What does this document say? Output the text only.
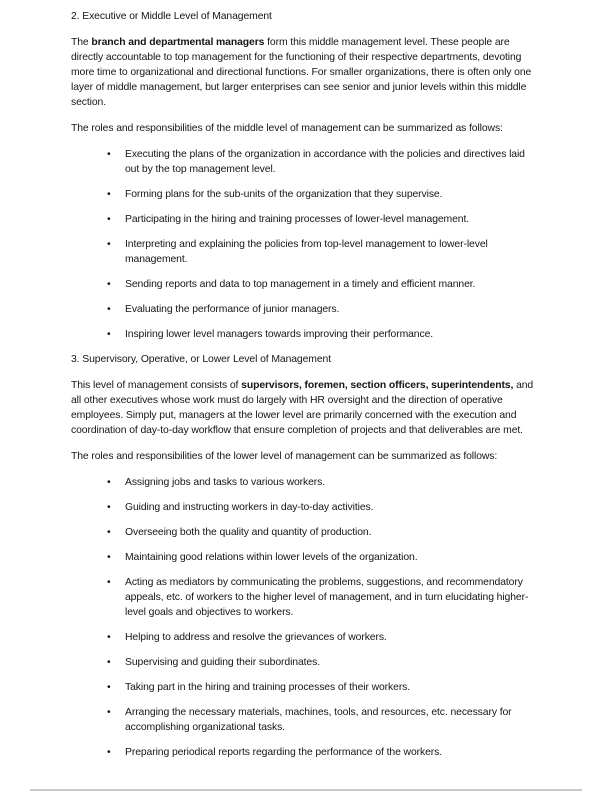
2. Executive or Middle Level of Management

The branch and departmental managers form this middle management level. These people are directly accountable to top management for the functioning of their respective departments, devoting more time to organizational and directional functions. For smaller organizations, there is often only one layer of middle management, but larger enterprises can see senior and junior levels within this middle section.

The roles and responsibilities of the middle level of management can be summarized as follows:

• Executing the plans of the organization in accordance with the policies and directives laid out by the top management level.
• Forming plans for the sub-units of the organization that they supervise.
• Participating in the hiring and training processes of lower-level management.
• Interpreting and explaining the policies from top-level management to lower-level management.
• Sending reports and data to top management in a timely and efficient manner.
• Evaluating the performance of junior managers.
• Inspiring lower level managers towards improving their performance.

3. Supervisory, Operative, or Lower Level of Management

This level of management consists of supervisors, foremen, section officers, superintendents, and all other executives whose work must do largely with HR oversight and the direction of operative employees. Simply put, managers at the lower level are primarily concerned with the execution and coordination of day-to-day workflow that ensure completion of projects and that deliverables are met.

The roles and responsibilities of the lower level of management can be summarized as follows:

• Assigning jobs and tasks to various workers.
• Guiding and instructing workers in day-to-day activities.
• Overseeing both the quality and quantity of production.
• Maintaining good relations within lower levels of the organization.
• Acting as mediators by communicating the problems, suggestions, and recommendatory appeals, etc. of workers to the higher level of management, and in turn elucidating higher-level goals and objectives to workers.
• Helping to address and resolve the grievances of workers.
• Supervising and guiding their subordinates.
• Taking part in the hiring and training processes of their workers.
• Arranging the necessary materials, machines, tools, and resources, etc. necessary for accomplishing organizational tasks.
• Preparing periodical reports regarding the performance of the workers.
